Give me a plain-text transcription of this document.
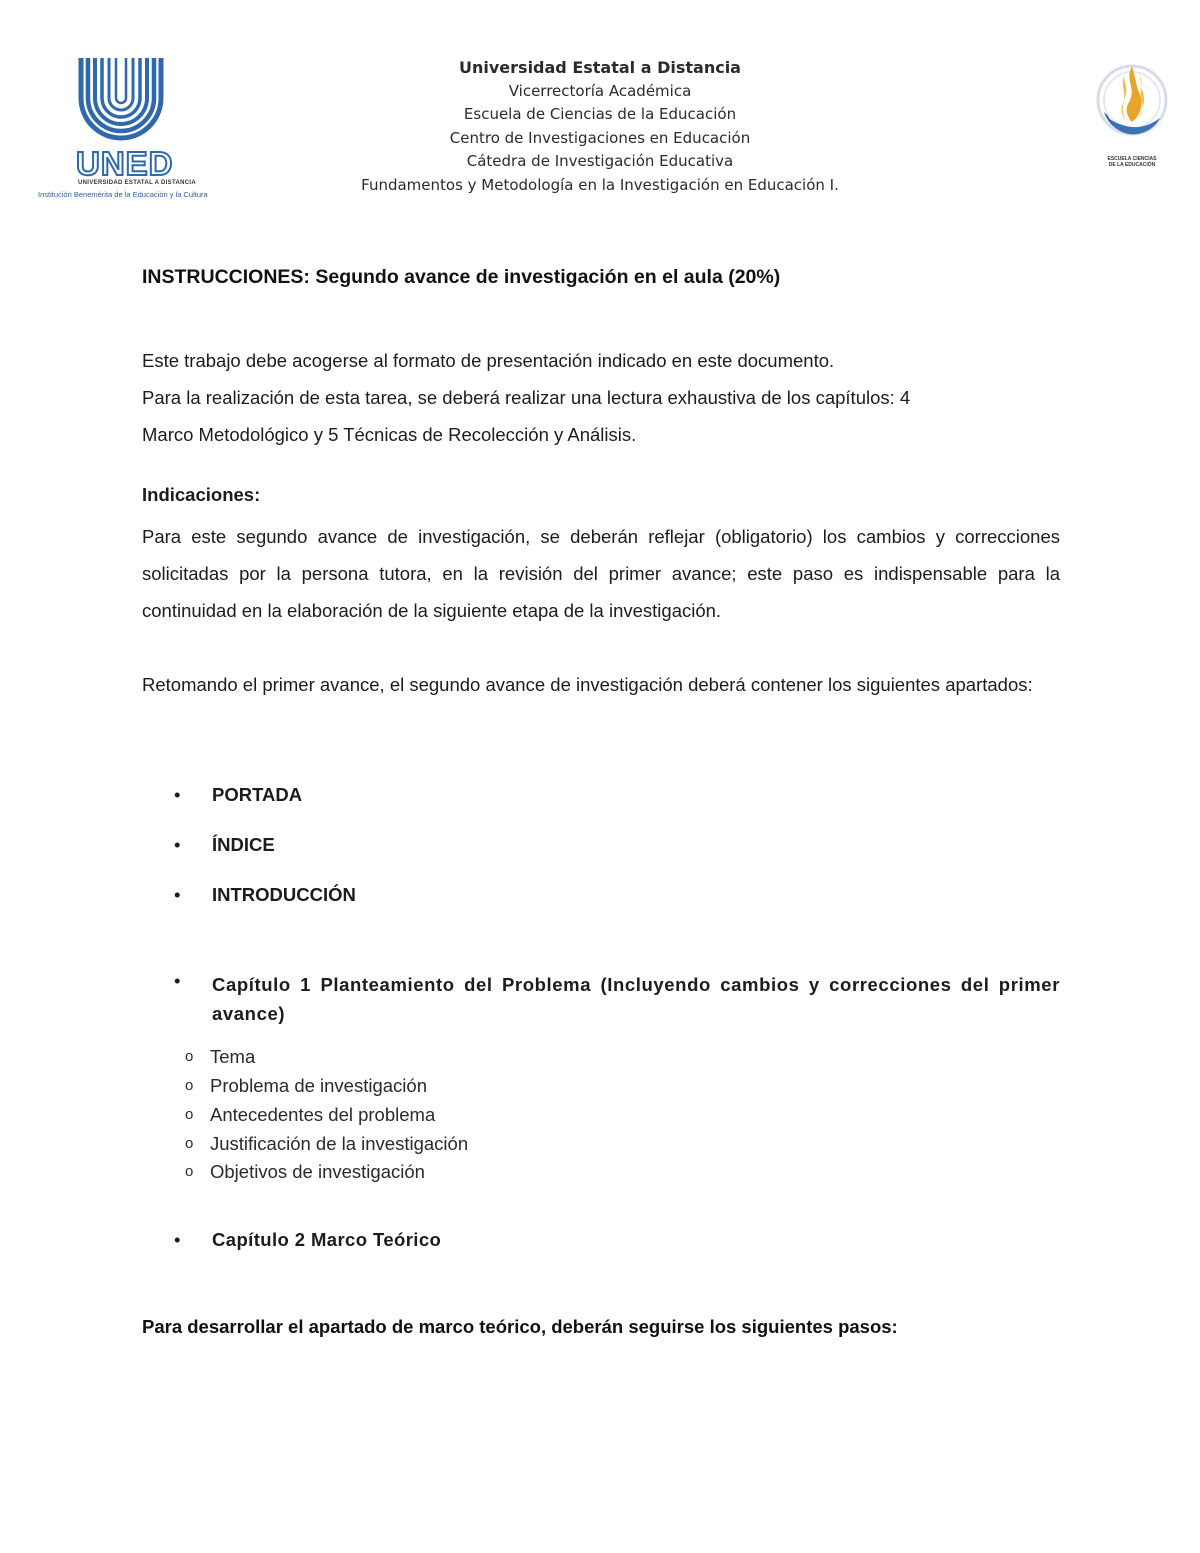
UNED
UNIVERSIDAD ESTATAL A DISTANCIA
Institución Benemérita de la Educación y la Cultura
Universidad Estatal a Distancia
Vicerrectoría Académica
Escuela de Ciencias de la Educación
Centro de Investigaciones en Educación
Cátedra de Investigación Educativa
Fundamentos y Metodología en la Investigación en Educación I.
ESCUELA CIENCIAS
DE LA EDUCACIÓN
INSTRUCCIONES: Segundo avance de investigación en el aula (20%)

Este trabajo debe acogerse al formato de presentación indicado en este documento.
Para la realización de esta tarea, se deberá realizar una lectura exhaustiva de los capítulos: 4
Marco Metodológico y 5 Técnicas de Recolección y Análisis.

Indicaciones:

Para este segundo avance de investigación, se deberán reflejar (obligatorio) los cambios y correcciones solicitadas por la persona tutora, en la revisión del primer avance; este paso es indispensable para la continuidad en la elaboración de la siguiente etapa de la investigación.

Retomando el primer avance, el segundo avance de investigación deberá contener los siguientes apartados:

• PORTADA
• ÍNDICE
• INTRODUCCIÓN
• Capítulo 1 Planteamiento del Problema (Incluyendo cambios y correcciones del primer avance)
o Tema
o Problema de investigación
o Antecedentes del problema
o Justificación de la investigación
o Objetivos de investigación
• Capítulo 2 Marco Teórico
Para desarrollar el apartado de marco teórico, deberán seguirse los siguientes pasos:
